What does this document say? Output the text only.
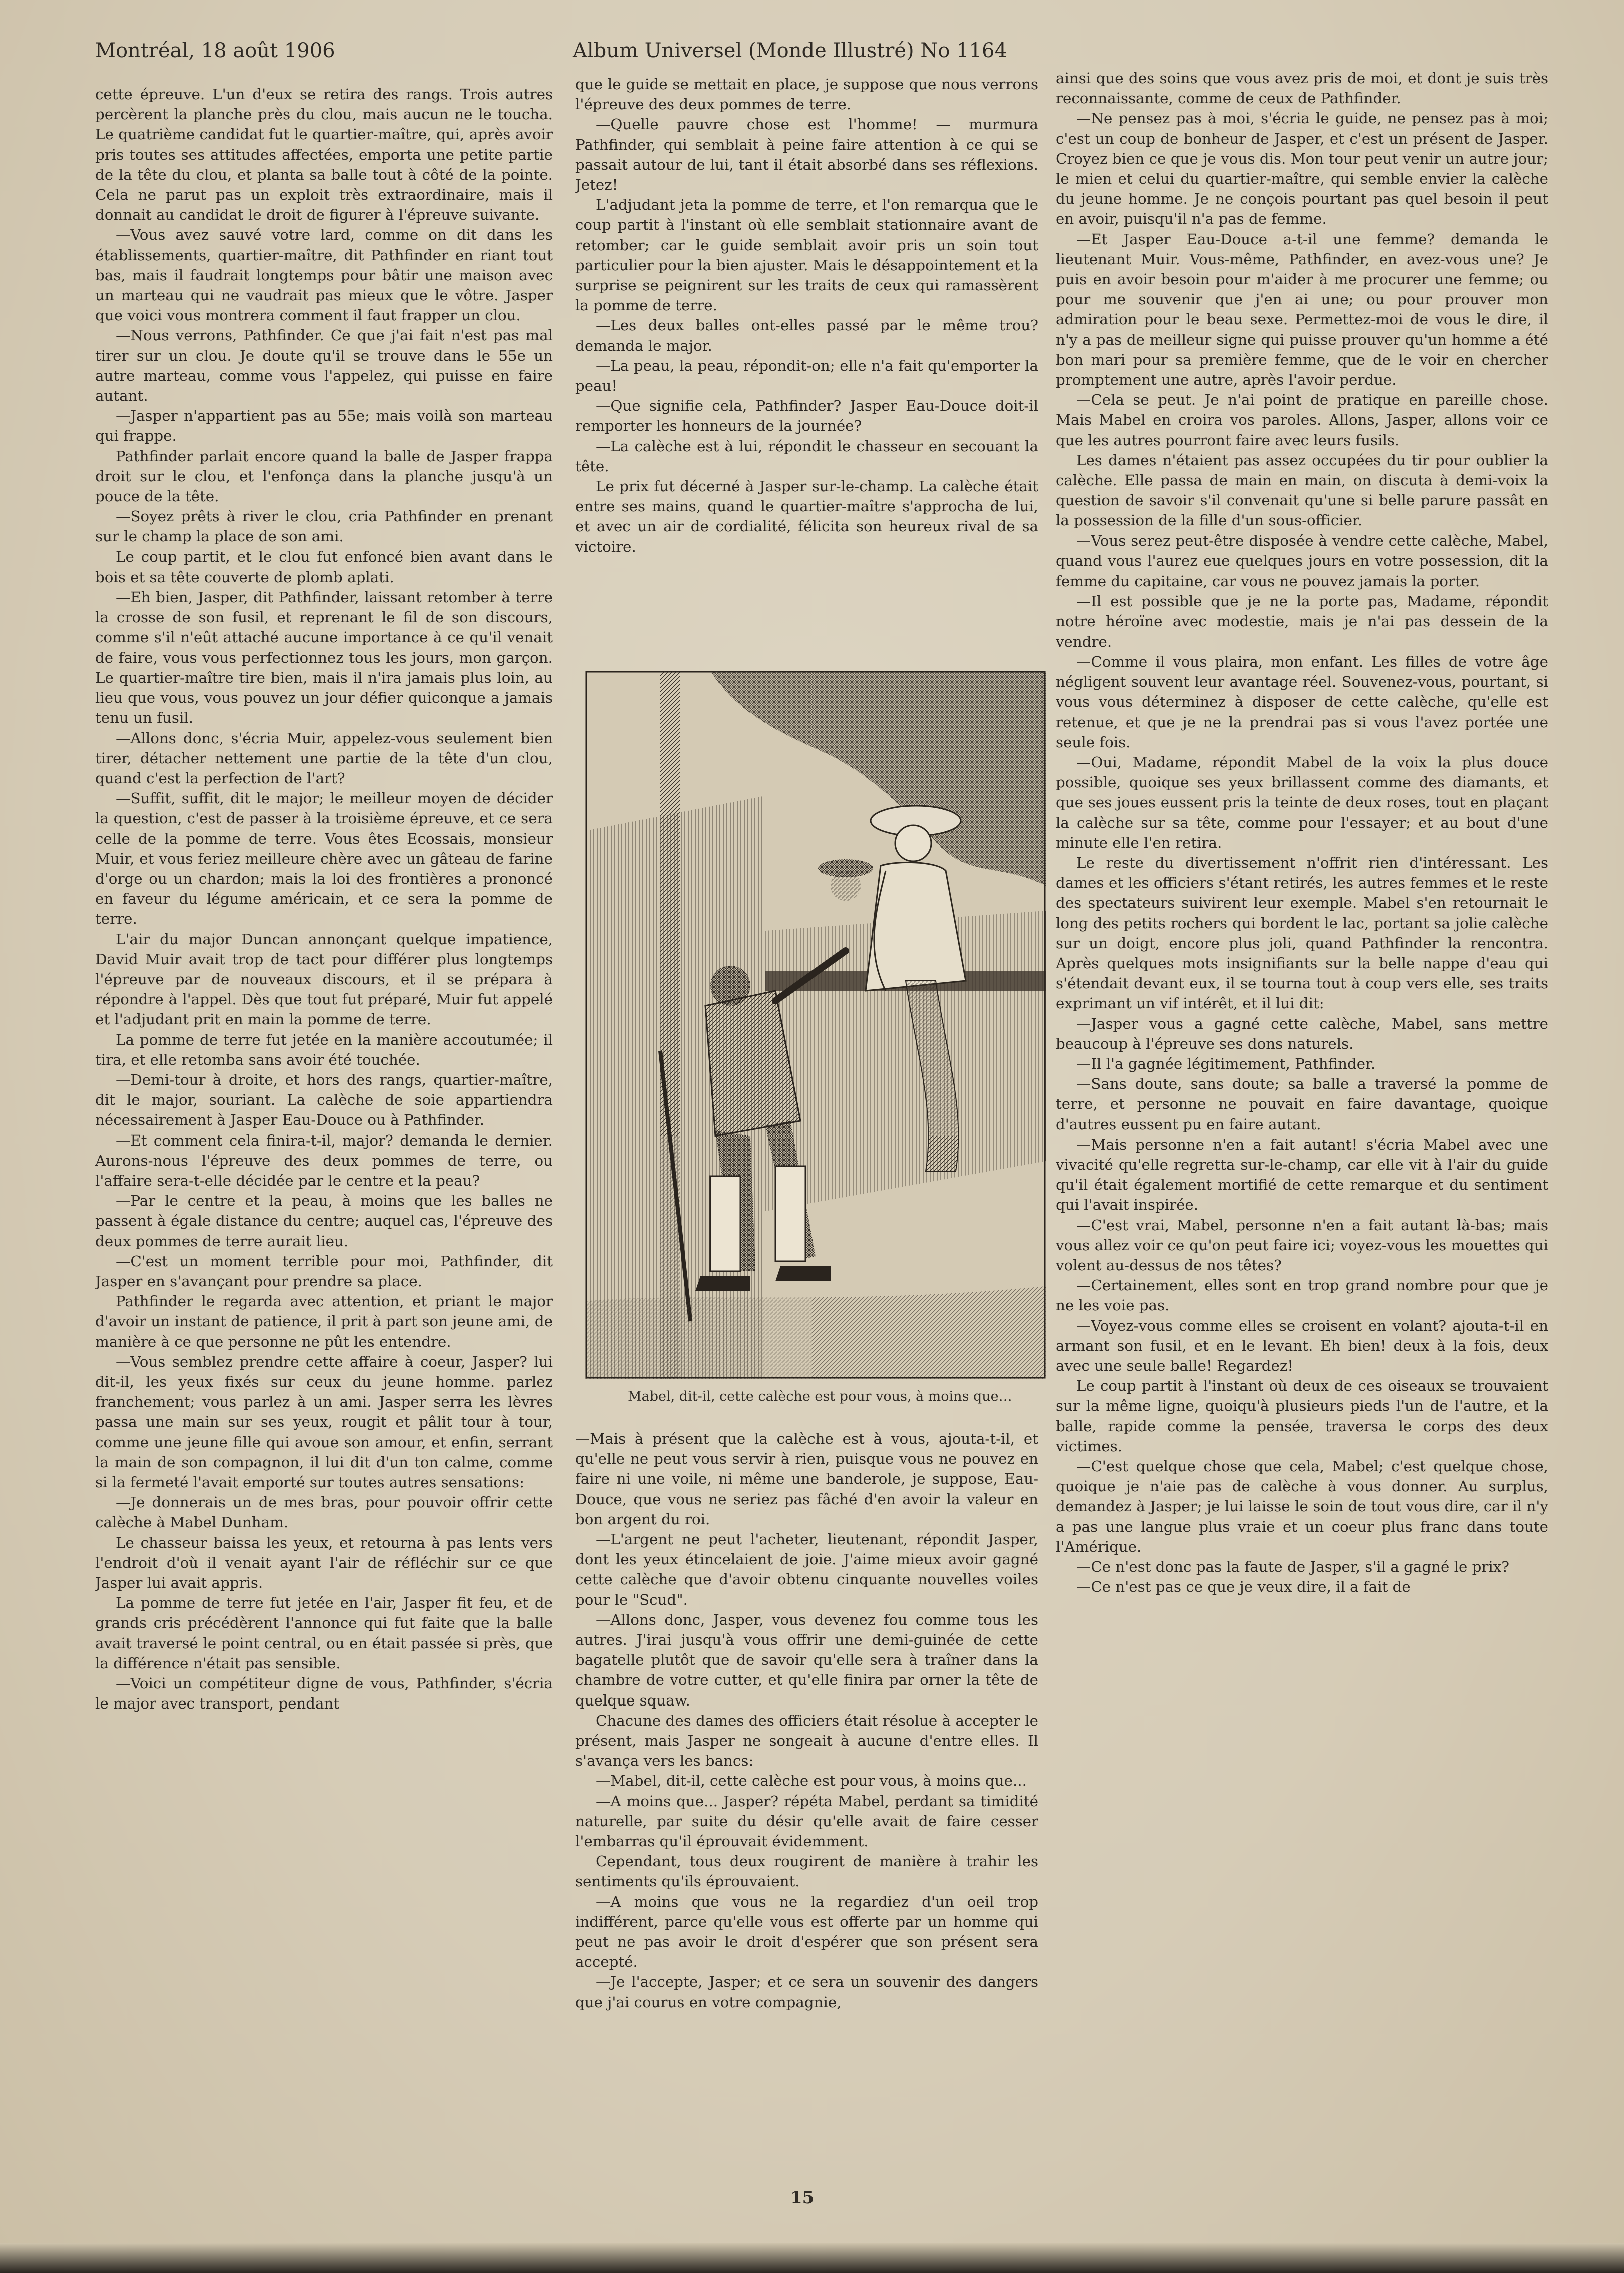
Montréal, 18 août 1906	Album Universel (Monde Illustré) No 1164

cette épreuve. L'un d'eux se retira des rangs. Trois autres percèrent la planche près du clou, mais aucun ne le toucha. Le quatrième candidat fut le quartier-maître, qui, après avoir pris toutes ses attitudes affectées, emporta une petite partie de la tête du clou, et planta sa balle tout à côté de la pointe. Cela ne parut pas un exploit très extraordinaire, mais il donnait au candidat le droit de figurer à l'épreuve suivante.

—Vous avez sauvé votre lard, comme on dit dans les établissements, quartier-maître, dit Pathfinder en riant tout bas, mais il faudrait longtemps pour bâtir une maison avec un marteau qui ne vaudrait pas mieux que le vôtre. Jasper que voici vous montrera comment il faut frapper un clou.

—Nous verrons, Pathfinder. Ce que j'ai fait n'est pas mal tirer sur un clou. Je doute qu'il se trouve dans le 55e un autre marteau, comme vous l'appelez, qui puisse en faire autant.

—Jasper n'appartient pas au 55e; mais voilà son marteau qui frappe.

Pathfinder parlait encore quand la balle de Jasper frappa droit sur le clou, et l'enfonça dans la planche jusqu'à un pouce de la tête.

—Soyez prêts à river le clou, cria Pathfinder en prenant sur le champ la place de son ami.

Le coup partit, et le clou fut enfoncé bien avant dans le bois et sa tête couverte de plomb aplati.

—Eh bien, Jasper, dit Pathfinder, laissant retomber à terre la crosse de son fusil, et reprenant le fil de son discours, comme s'il n'eût attaché aucune importance à ce qu'il venait de faire, vous vous perfectionnez tous les jours, mon garçon. Le quartier-maître tire bien, mais il n'ira jamais plus loin, au lieu que vous, vous pouvez un jour défier quiconque a jamais tenu un fusil.

—Allons donc, s'écria Muir, appelez-vous seulement bien tirer, détacher nettement une partie de la tête d'un clou, quand c'est la perfection de l'art?

—Suffit, suffit, dit le major; le meilleur moyen de décider la question, c'est de passer à la troisième épreuve, et ce sera celle de la pomme de terre. Vous êtes Ecossais, monsieur Muir, et vous feriez meilleure chère avec un gâteau de farine d'orge ou un chardon; mais la loi des frontières a prononcé en faveur du légume américain, et ce sera la pomme de terre.

L'air du major Duncan annonçant quelque impatience, David Muir avait trop de tact pour différer plus longtemps l'épreuve par de nouveaux discours, et il se prépara à répondre à l'appel. Dès que tout fut préparé, Muir fut appelé et l'adjudant prit en main la pomme de terre.

La pomme de terre fut jetée en la manière accoutumée; il tira, et elle retomba sans avoir été touchée.

—Demi-tour à droite, et hors des rangs, quartier-maître, dit le major, souriant. La calèche de soie appartiendra nécessairement à Jasper Eau-Douce ou à Pathfinder.

—Et comment cela finira-t-il, major? demanda le dernier. Aurons-nous l'épreuve des deux pommes de terre, ou l'affaire sera-t-elle décidée par le centre et la peau?

—Par le centre et la peau, à moins que les balles ne passent à égale distance du centre; auquel cas, l'épreuve des deux pommes de terre aurait lieu.

—C'est un moment terrible pour moi, Pathfinder, dit Jasper en s'avançant pour prendre sa place.

Pathfinder le regarda avec attention, et priant le major d'avoir un instant de patience, il prit à part son jeune ami, de manière à ce que personne ne pût les entendre.

—Vous semblez prendre cette affaire à coeur, Jasper? lui dit-il, les yeux fixés sur ceux du jeune homme. parlez franchement; vous parlez à un ami. Jasper serra les lèvres passa une main sur ses yeux, rougit et pâlit tour à tour, comme une jeune fille qui avoue son amour, et enfin, serrant la main de son compagnon, il lui dit d'un ton calme, comme si la fermeté l'avait emporté sur toutes autres sensations:

—Je donnerais un de mes bras, pour pouvoir offrir cette calèche à Mabel Dunham.

Le chasseur baissa les yeux, et retourna à pas lents vers l'endroit d'où il venait ayant l'air de réfléchir sur ce que Jasper lui avait appris.

La pomme de terre fut jetée en l'air, Jasper fit feu, et de grands cris précédèrent l'annonce qui fut faite que la balle avait traversé le point central, ou en était passée si près, que la différence n'était pas sensible.

—Voici un compétiteur digne de vous, Pathfinder, s'écria le major avec transport, pendant

que le guide se mettait en place, je suppose que nous verrons l'épreuve des deux pommes de terre.

—Quelle pauvre chose est l'homme! — murmura Pathfinder, qui semblait à peine faire attention à ce qui se passait autour de lui, tant il était absorbé dans ses réflexions. Jetez!

L'adjudant jeta la pomme de terre, et l'on remarqua que le coup partit à l'instant où elle semblait stationnaire avant de retomber; car le guide semblait avoir pris un soin tout particulier pour la bien ajuster. Mais le désappointement et la surprise se peignirent sur les traits de ceux qui ramassèrent la pomme de terre.

—Les deux balles ont-elles passé par le même trou? demanda le major.

—La peau, la peau, répondit-on; elle n'a fait qu'emporter la peau!

—Que signifie cela, Pathfinder? Jasper Eau-Douce doit-il remporter les honneurs de la journée?

—La calèche est à lui, répondit le chasseur en secouant la tête.

Le prix fut décerné à Jasper sur-le-champ. La calèche était entre ses mains, quand le quartier-maître s'approcha de lui, et avec un air de cordialité, félicita son heureux rival de sa victoire.

Mabel, dit-il, cette calèche est pour vous, à moins que…

—Mais à présent que la calèche est à vous, ajouta-t-il, et qu'elle ne peut vous servir à rien, puisque vous ne pouvez en faire ni une voile, ni même une banderole, je suppose, Eau-Douce, que vous ne seriez pas fâché d'en avoir la valeur en bon argent du roi.

—L'argent ne peut l'acheter, lieutenant, répondit Jasper, dont les yeux étincelaient de joie. J'aime mieux avoir gagné cette calèche que d'avoir obtenu cinquante nouvelles voiles pour le "Scud".

—Allons donc, Jasper, vous devenez fou comme tous les autres. J'irai jusqu'à vous offrir une demi-guinée de cette bagatelle plutôt que de savoir qu'elle sera à traîner dans la chambre de votre cutter, et qu'elle finira par orner la tête de quelque squaw.

Chacune des dames des officiers était résolue à accepter le présent, mais Jasper ne songeait à aucune d'entre elles. Il s'avança vers les bancs:

—Mabel, dit-il, cette calèche est pour vous, à moins que...

—A moins que... Jasper? répéta Mabel, perdant sa timidité naturelle, par suite du désir qu'elle avait de faire cesser l'embarras qu'il éprouvait évidemment.

Cependant, tous deux rougirent de manière à trahir les sentiments qu'ils éprouvaient.

—A moins que vous ne la regardiez d'un oeil trop indifférent, parce qu'elle vous est offerte par un homme qui peut ne pas avoir le droit d'espérer que son présent sera accepté.

—Je l'accepte, Jasper; et ce sera un souvenir des dangers que j'ai courus en votre compagnie,

ainsi que des soins que vous avez pris de moi, et dont je suis très reconnaissante, comme de ceux de Pathfinder.

—Ne pensez pas à moi, s'écria le guide, ne pensez pas à moi; c'est un coup de bonheur de Jasper, et c'est un présent de Jasper. Croyez bien ce que je vous dis. Mon tour peut venir un autre jour; le mien et celui du quartier-maître, qui semble envier la calèche du jeune homme. Je ne conçois pourtant pas quel besoin il peut en avoir, puisqu'il n'a pas de femme.

—Et Jasper Eau-Douce a-t-il une femme? demanda le lieutenant Muir. Vous-même, Pathfinder, en avez-vous une? Je puis en avoir besoin pour m'aider à me procurer une femme; ou pour me souvenir que j'en ai une; ou pour prouver mon admiration pour le beau sexe. Permettez-moi de vous le dire, il n'y a pas de meilleur signe qui puisse prouver qu'un homme a été bon mari pour sa première femme, que de le voir en chercher promptement une autre, après l'avoir perdue.

—Cela se peut. Je n'ai point de pratique en pareille chose. Mais Mabel en croira vos paroles. Allons, Jasper, allons voir ce que les autres pourront faire avec leurs fusils.

Les dames n'étaient pas assez occupées du tir pour oublier la calèche. Elle passa de main en main, on discuta à demi-voix la question de savoir s'il convenait qu'une si belle parure passât en la possession de la fille d'un sous-officier.

—Vous serez peut-être disposée à vendre cette calèche, Mabel, quand vous l'aurez eue quelques jours en votre possession, dit la femme du capitaine, car vous ne pouvez jamais la porter.

—Il est possible que je ne la porte pas, Madame, répondit notre héroïne avec modestie, mais je n'ai pas dessein de la vendre.

—Comme il vous plaira, mon enfant. Les filles de votre âge négligent souvent leur avantage réel. Souvenez-vous, pourtant, si vous vous déterminez à disposer de cette calèche, qu'elle est retenue, et que je ne la prendrai pas si vous l'avez portée une seule fois.

—Oui, Madame, répondit Mabel de la voix la plus douce possible, quoique ses yeux brillassent comme des diamants, et que ses joues eussent pris la teinte de deux roses, tout en plaçant la calèche sur sa tête, comme pour l'essayer; et au bout d'une minute elle l'en retira.

Le reste du divertissement n'offrit rien d'intéressant. Les dames et les officiers s'étant retirés, les autres femmes et le reste des spectateurs suivirent leur exemple. Mabel s'en retournait le long des petits rochers qui bordent le lac, portant sa jolie calèche sur un doigt, encore plus joli, quand Pathfinder la rencontra. Après quelques mots insignifiants sur la belle nappe d'eau qui s'étendait devant eux, il se tourna tout à coup vers elle, ses traits exprimant un vif intérêt, et il lui dit:

—Jasper vous a gagné cette calèche, Mabel, sans mettre beaucoup à l'épreuve ses dons naturels.

—Il l'a gagnée légitimement, Pathfinder.

—Sans doute, sans doute; sa balle a traversé la pomme de terre, et personne ne pouvait en faire davantage, quoique d'autres eussent pu en faire autant.

—Mais personne n'en a fait autant! s'écria Mabel avec une vivacité qu'elle regretta sur-le-champ, car elle vit à l'air du guide qu'il était également mortifié de cette remarque et du sentiment qui l'avait inspirée.

—C'est vrai, Mabel, personne n'en a fait autant là-bas; mais vous allez voir ce qu'on peut faire ici; voyez-vous les mouettes qui volent au-dessus de nos têtes?

—Certainement, elles sont en trop grand nombre pour que je ne les voie pas.

—Voyez-vous comme elles se croisent en volant? ajouta-t-il en armant son fusil, et en le levant. Eh bien! deux à la fois, deux avec une seule balle! Regardez!

Le coup partit à l'instant où deux de ces oiseaux se trouvaient sur la même ligne, quoiqu'à plusieurs pieds l'un de l'autre, et la balle, rapide comme la pensée, traversa le corps des deux victimes.

—C'est quelque chose que cela, Mabel; c'est quelque chose, quoique je n'aie pas de calèche à vous donner. Au surplus, demandez à Jasper; je lui laisse le soin de tout vous dire, car il n'y a pas une langue plus vraie et un coeur plus franc dans toute l'Amérique.

—Ce n'est donc pas la faute de Jasper, s'il a gagné le prix?

—Ce n'est pas ce que je veux dire, il a fait de

15
